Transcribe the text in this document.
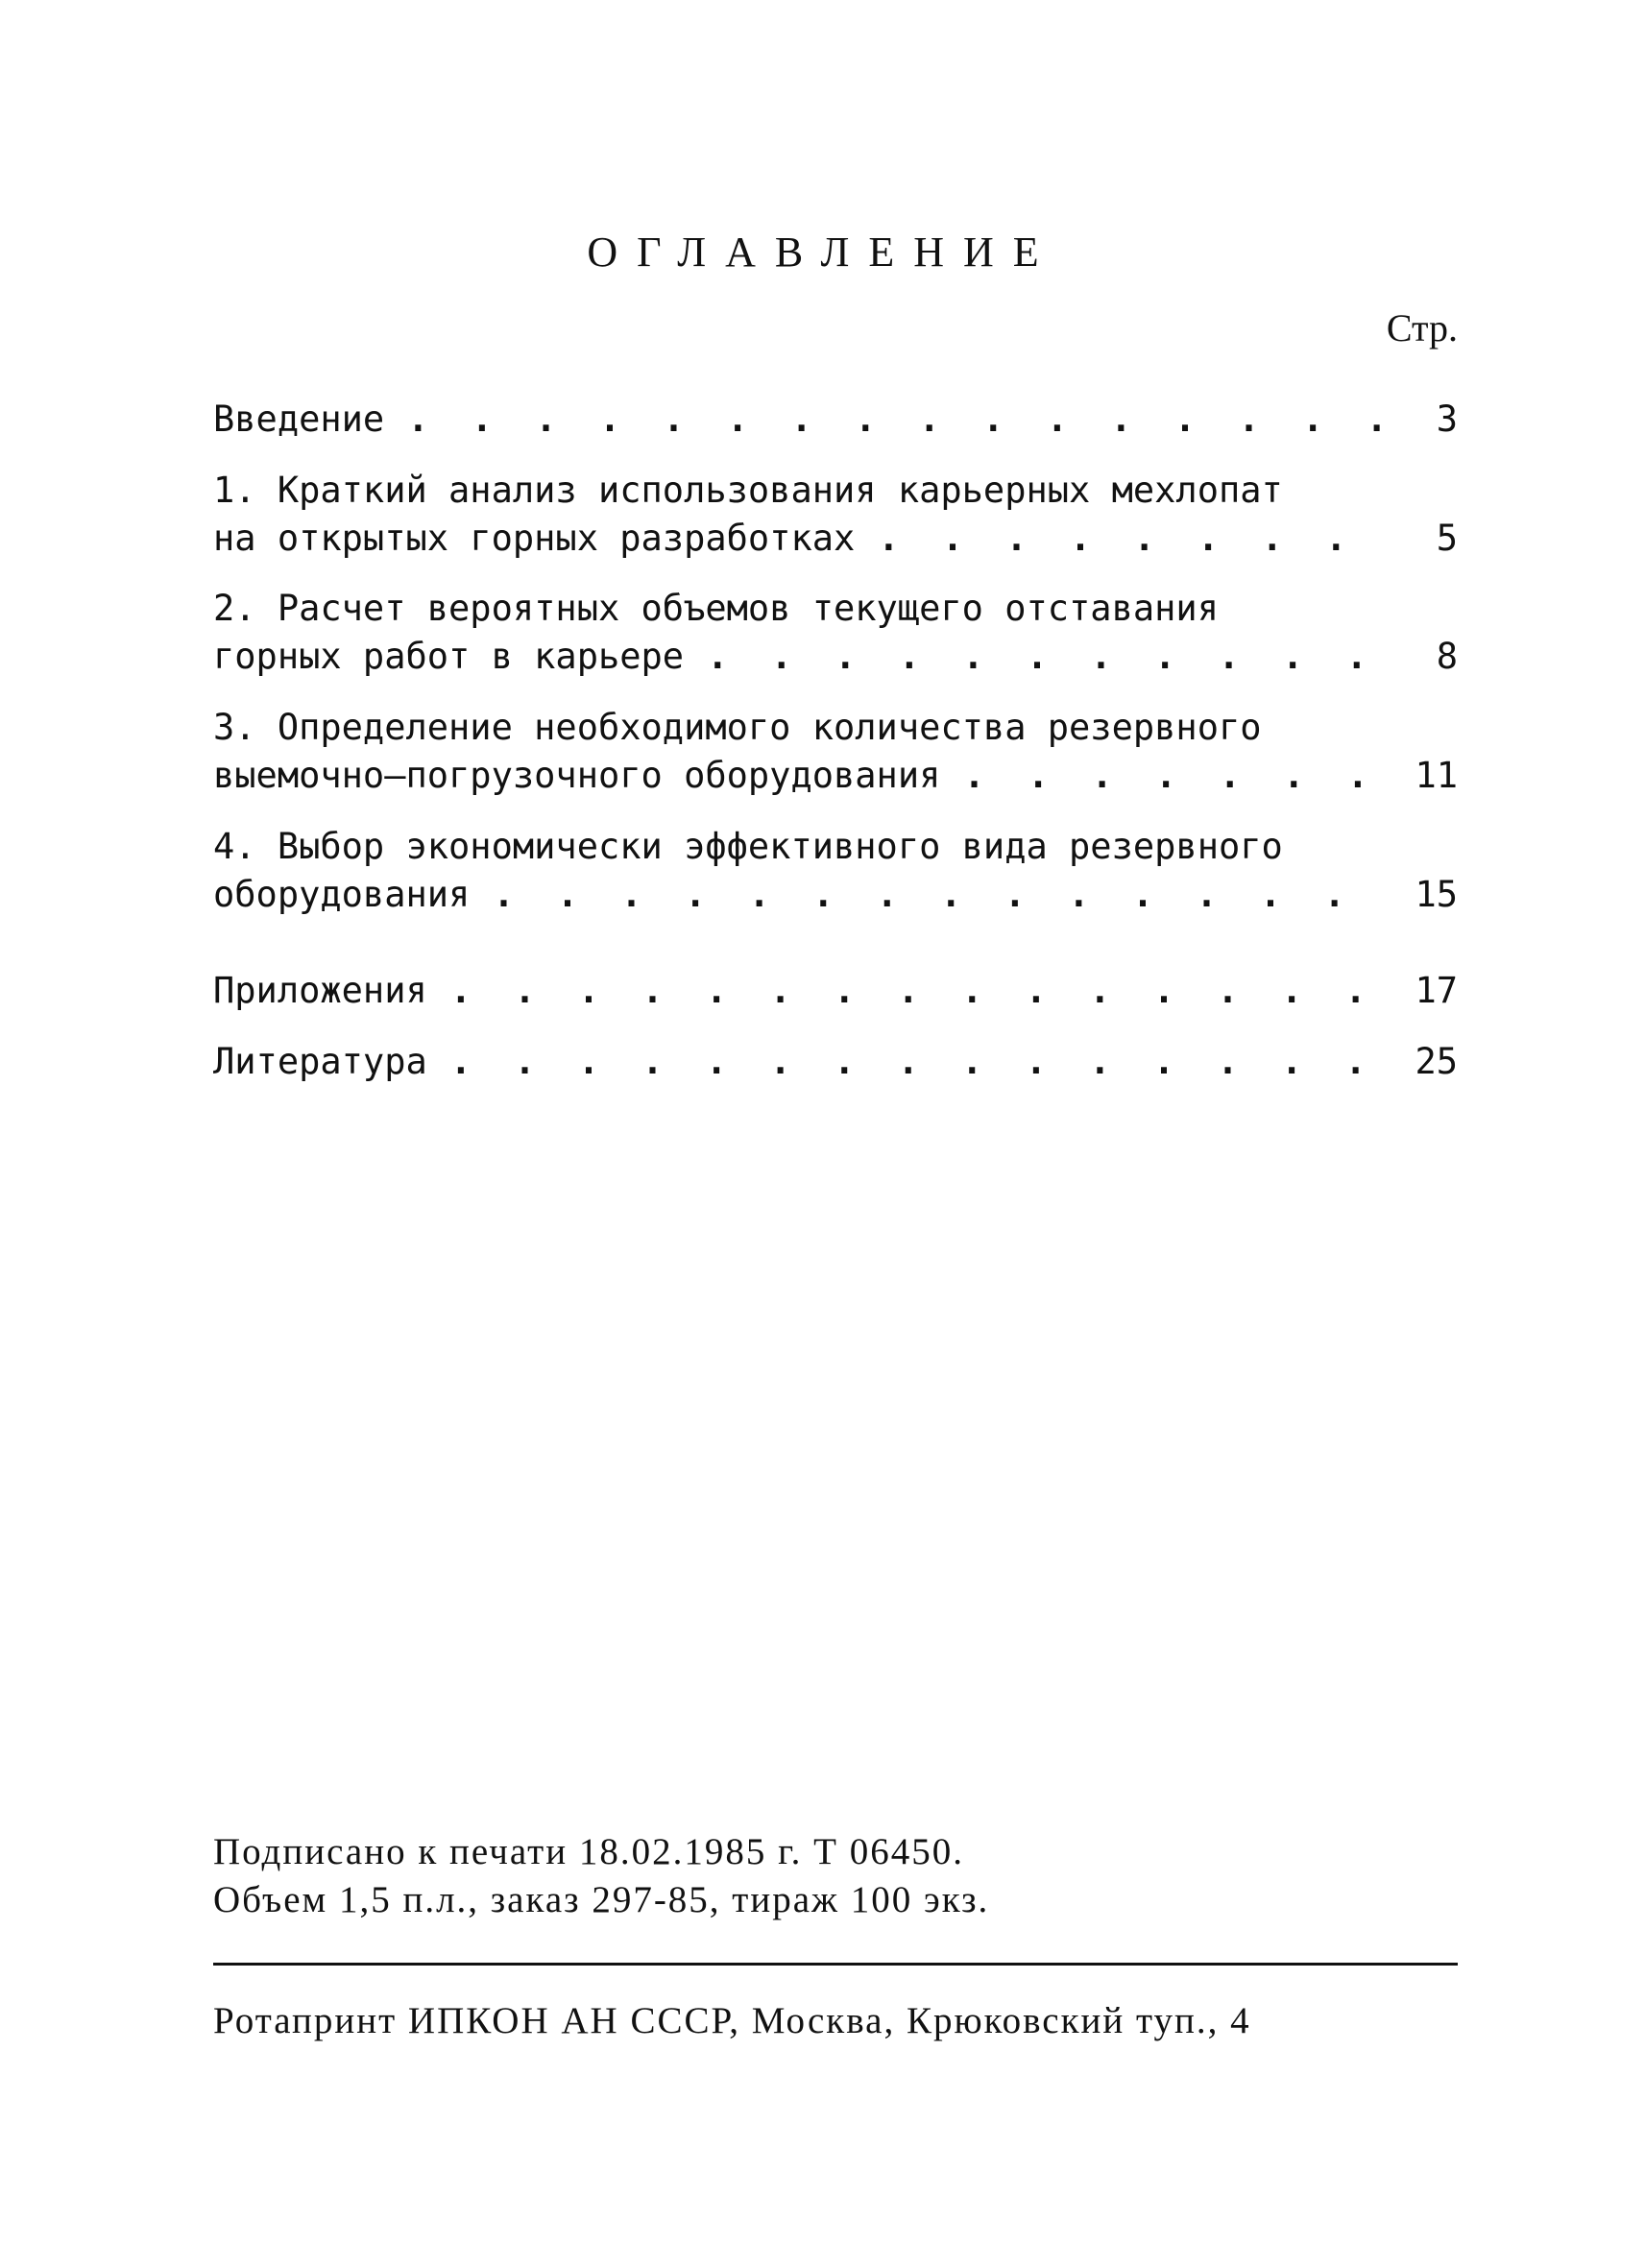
ОГЛАВЛЕНИЕ
Стр.
Введение . . .	3
1. Краткий анализ использования карьерных мехлопат
на открытых горных разработках . . .	5
2. Расчет вероятных объемов текущего отставания
горных работ в карьере . . .	8
3. Определение необходимого количества резервного
выемочно–погрузочного оборудования . . .	11
4. Выбор экономически эффективного вида резервного
оборудования . . .	15
Приложения . . .	17
Литература . . .	25
Подписано к печати 18.02.1985 г. Т 06450.
Объем 1,5 п.л., заказ 297-85, тираж 100 экз.
Ротапринт ИПКОН АН СССР, Москва, Крюковский туп., 4
